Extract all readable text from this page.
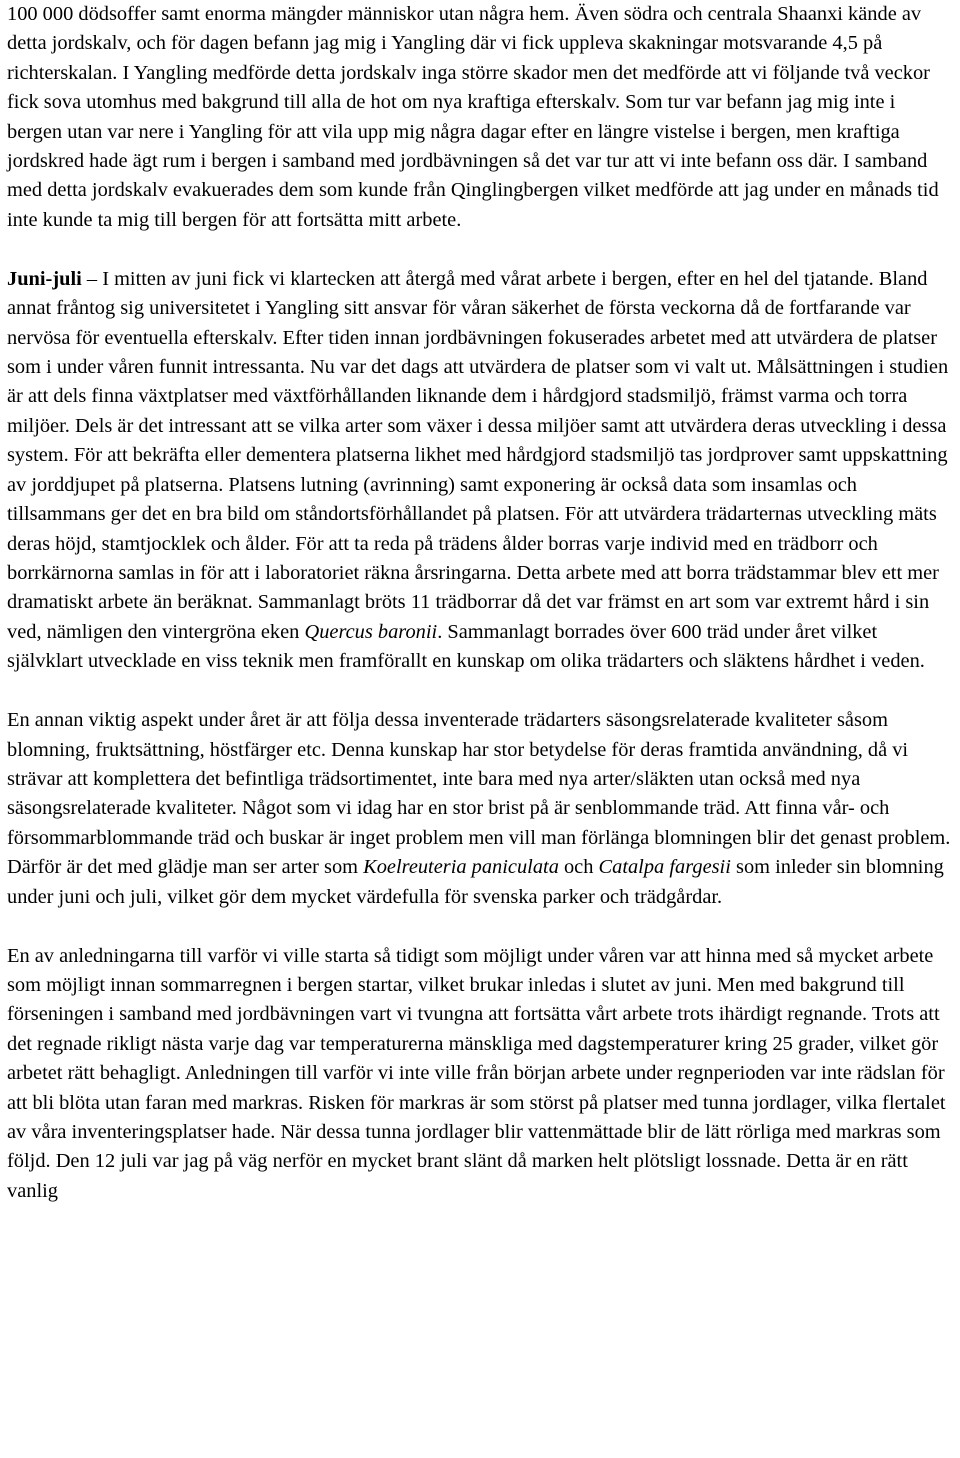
100 000 dödsoffer samt enorma mängder människor utan några hem. Även södra och centrala Shaanxi kände av detta jordskalv, och för dagen befann jag mig i Yangling där vi fick uppleva skakningar motsvarande 4,5 på richterskalan. I Yangling medförde detta jordskalv inga större skador men det medförde att vi följande två veckor fick sova utomhus med bakgrund till alla de hot om nya kraftiga efterskalv. Som tur var befann jag mig inte i bergen utan var nere i Yangling för att vila upp mig några dagar efter en längre vistelse i bergen, men kraftiga jordskred hade ägt rum i bergen i samband med jordbävningen så det var tur att vi inte befann oss där. I samband med detta jordskalv evakuerades dem som kunde från Qinglingbergen vilket medförde att jag under en månads tid inte kunde ta mig till bergen för att fortsätta mitt arbete.

Juni-juli – I mitten av juni fick vi klartecken att återgå med vårat arbete i bergen, efter en hel del tjatande. Bland annat fråntog sig universitetet i Yangling sitt ansvar för våran säkerhet de första veckorna då de fortfarande var nervösa för eventuella efterskalv. Efter tiden innan jordbävningen fokuserades arbetet med att utvärdera de platser som i under våren funnit intressanta. Nu var det dags att utvärdera de platser som vi valt ut. Målsättningen i studien är att dels finna växtplatser med växtförhållanden liknande dem i hårdgjord stadsmiljö, främst varma och torra miljöer. Dels är det intressant att se vilka arter som växer i dessa miljöer samt att utvärdera deras utveckling i dessa system. För att bekräfta eller dementera platserna likhet med hårdgjord stadsmiljö tas jordprover samt uppskattning av jorddjupet på platserna. Platsens lutning (avrinning) samt exponering är också data som insamlas och tillsammans ger det en bra bild om ståndortsförhållandet på platsen. För att utvärdera trädarternas utveckling mäts deras höjd, stamtjocklek och ålder. För att ta reda på trädens ålder borras varje individ med en trädborr och borrkärnorna samlas in för att i laboratoriet räkna årsringarna. Detta arbete med att borra trädstammar blev ett mer dramatiskt arbete än beräknat. Sammanlagt bröts 11 trädborrar då det var främst en art som var extremt hård i sin ved, nämligen den vintergröna eken Quercus baronii. Sammanlagt borrades över 600 träd under året vilket självklart utvecklade en viss teknik men framförallt en kunskap om olika trädarters och släktens hårdhet i veden.

En annan viktig aspekt under året är att följa dessa inventerade trädarters säsongsrelaterade kvaliteter såsom blomning, fruktsättning, höstfärger etc. Denna kunskap har stor betydelse för deras framtida användning, då vi strävar att komplettera det befintliga trädsortimentet, inte bara med nya arter/släkten utan också med nya säsongsrelaterade kvaliteter. Något som vi idag har en stor brist på är senblommande träd. Att finna vår- och försommarblommande träd och buskar är inget problem men vill man förlänga blomningen blir det genast problem. Därför är det med glädje man ser arter som Koelreuteria paniculata och Catalpa fargesii som inleder sin blomning under juni och juli, vilket gör dem mycket värdefulla för svenska parker och trädgårdar.

En av anledningarna till varför vi ville starta så tidigt som möjligt under våren var att hinna med så mycket arbete som möjligt innan sommarregnen i bergen startar, vilket brukar inledas i slutet av juni. Men med bakgrund till förseningen i samband med jordbävningen vart vi tvungna att fortsätta vårt arbete trots ihärdigt regnande. Trots att det regnade rikligt nästa varje dag var temperaturerna mänskliga med dagstemperaturer kring 25 grader, vilket gör arbetet rätt behagligt. Anledningen till varför vi inte ville från början arbete under regnperioden var inte rädslan för att bli blöta utan faran med markras. Risken för markras är som störst på platser med tunna jordlager, vilka flertalet av våra inventeringsplatser hade. När dessa tunna jordlager blir vattenmättade blir de lätt rörliga med markras som följd. Den 12 juli var jag på väg nerför en mycket brant slänt då marken helt plötsligt lossnade. Detta är en rätt vanlig
